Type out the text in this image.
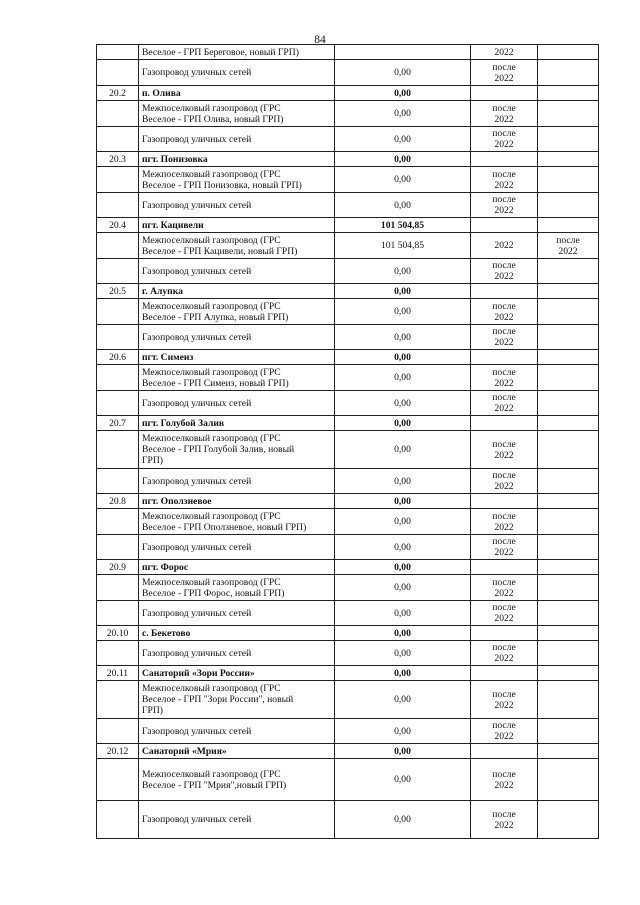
84
	Веселое - ГРП Береговое, новый ГРП)		2022	
	Газопровод уличных сетей	0,00	после
2022	
20.2	п. Олива	0,00		
	Межпоселковый газопровод (ГРС
Веселое - ГРП Олива, новый ГРП)	0,00	после
2022	
	Газопровод уличных сетей	0,00	после
2022	
20.3	пгт. Понизовка	0,00		
	Межпоселковый газопровод (ГРС
Веселое - ГРП Понизовка, новый ГРП)	0,00	после
2022	
	Газопровод уличных сетей	0,00	после
2022	
20.4	пгт. Кацивели	101 504,85		
	Межпоселковый газопровод (ГРС
Веселое - ГРП Кацивели, новый ГРП)	101 504,85	2022	после
2022
	Газопровод уличных сетей	0,00	после
2022	
20.5	г. Алупка	0,00		
	Межпоселковый газопровод (ГРС
Веселое - ГРП Алупка, новый ГРП)	0,00	после
2022	
	Газопровод уличных сетей	0,00	после
2022	
20.6	пгт. Симеиз	0,00		
	Межпоселковый газопровод (ГРС
Веселое - ГРП Симеиз, новый ГРП)	0,00	после
2022	
	Газопровод уличных сетей	0,00	после
2022	
20.7	пгт. Голубой Залив	0,00		
	Межпоселковый газопровод (ГРС
Веселое - ГРП Голубой Залив, новый
ГРП)	0,00	после
2022	
	Газопровод уличных сетей	0,00	после
2022	
20.8	пгт. Оползневое	0,00		
	Межпоселковый газопровод (ГРС
Веселое - ГРП Оползневое, новый ГРП)	0,00	после
2022	
	Газопровод уличных сетей	0,00	после
2022	
20.9	пгт. Форос	0,00		
	Межпоселковый газопровод (ГРС
Веселое - ГРП Форос, новый ГРП)	0,00	после
2022	
	Газопровод уличных сетей	0,00	после
2022	
20.10	с. Бекетово	0,00		
	Газопровод уличных сетей	0,00	после
2022	
20.11	Санаторий «Зори России»	0,00		
	Межпоселковый газопровод (ГРС
Веселое - ГРП "Зори России", новый
ГРП)	0,00	после
2022	
	Газопровод уличных сетей	0,00	после
2022	
20.12	Санаторий «Мрия»	0,00		
	Межпоселковый газопровод (ГРС
Веселое - ГРП "Мрия",новый ГРП)	0,00	после
2022	
	Газопровод уличных сетей	0,00	после
2022	
